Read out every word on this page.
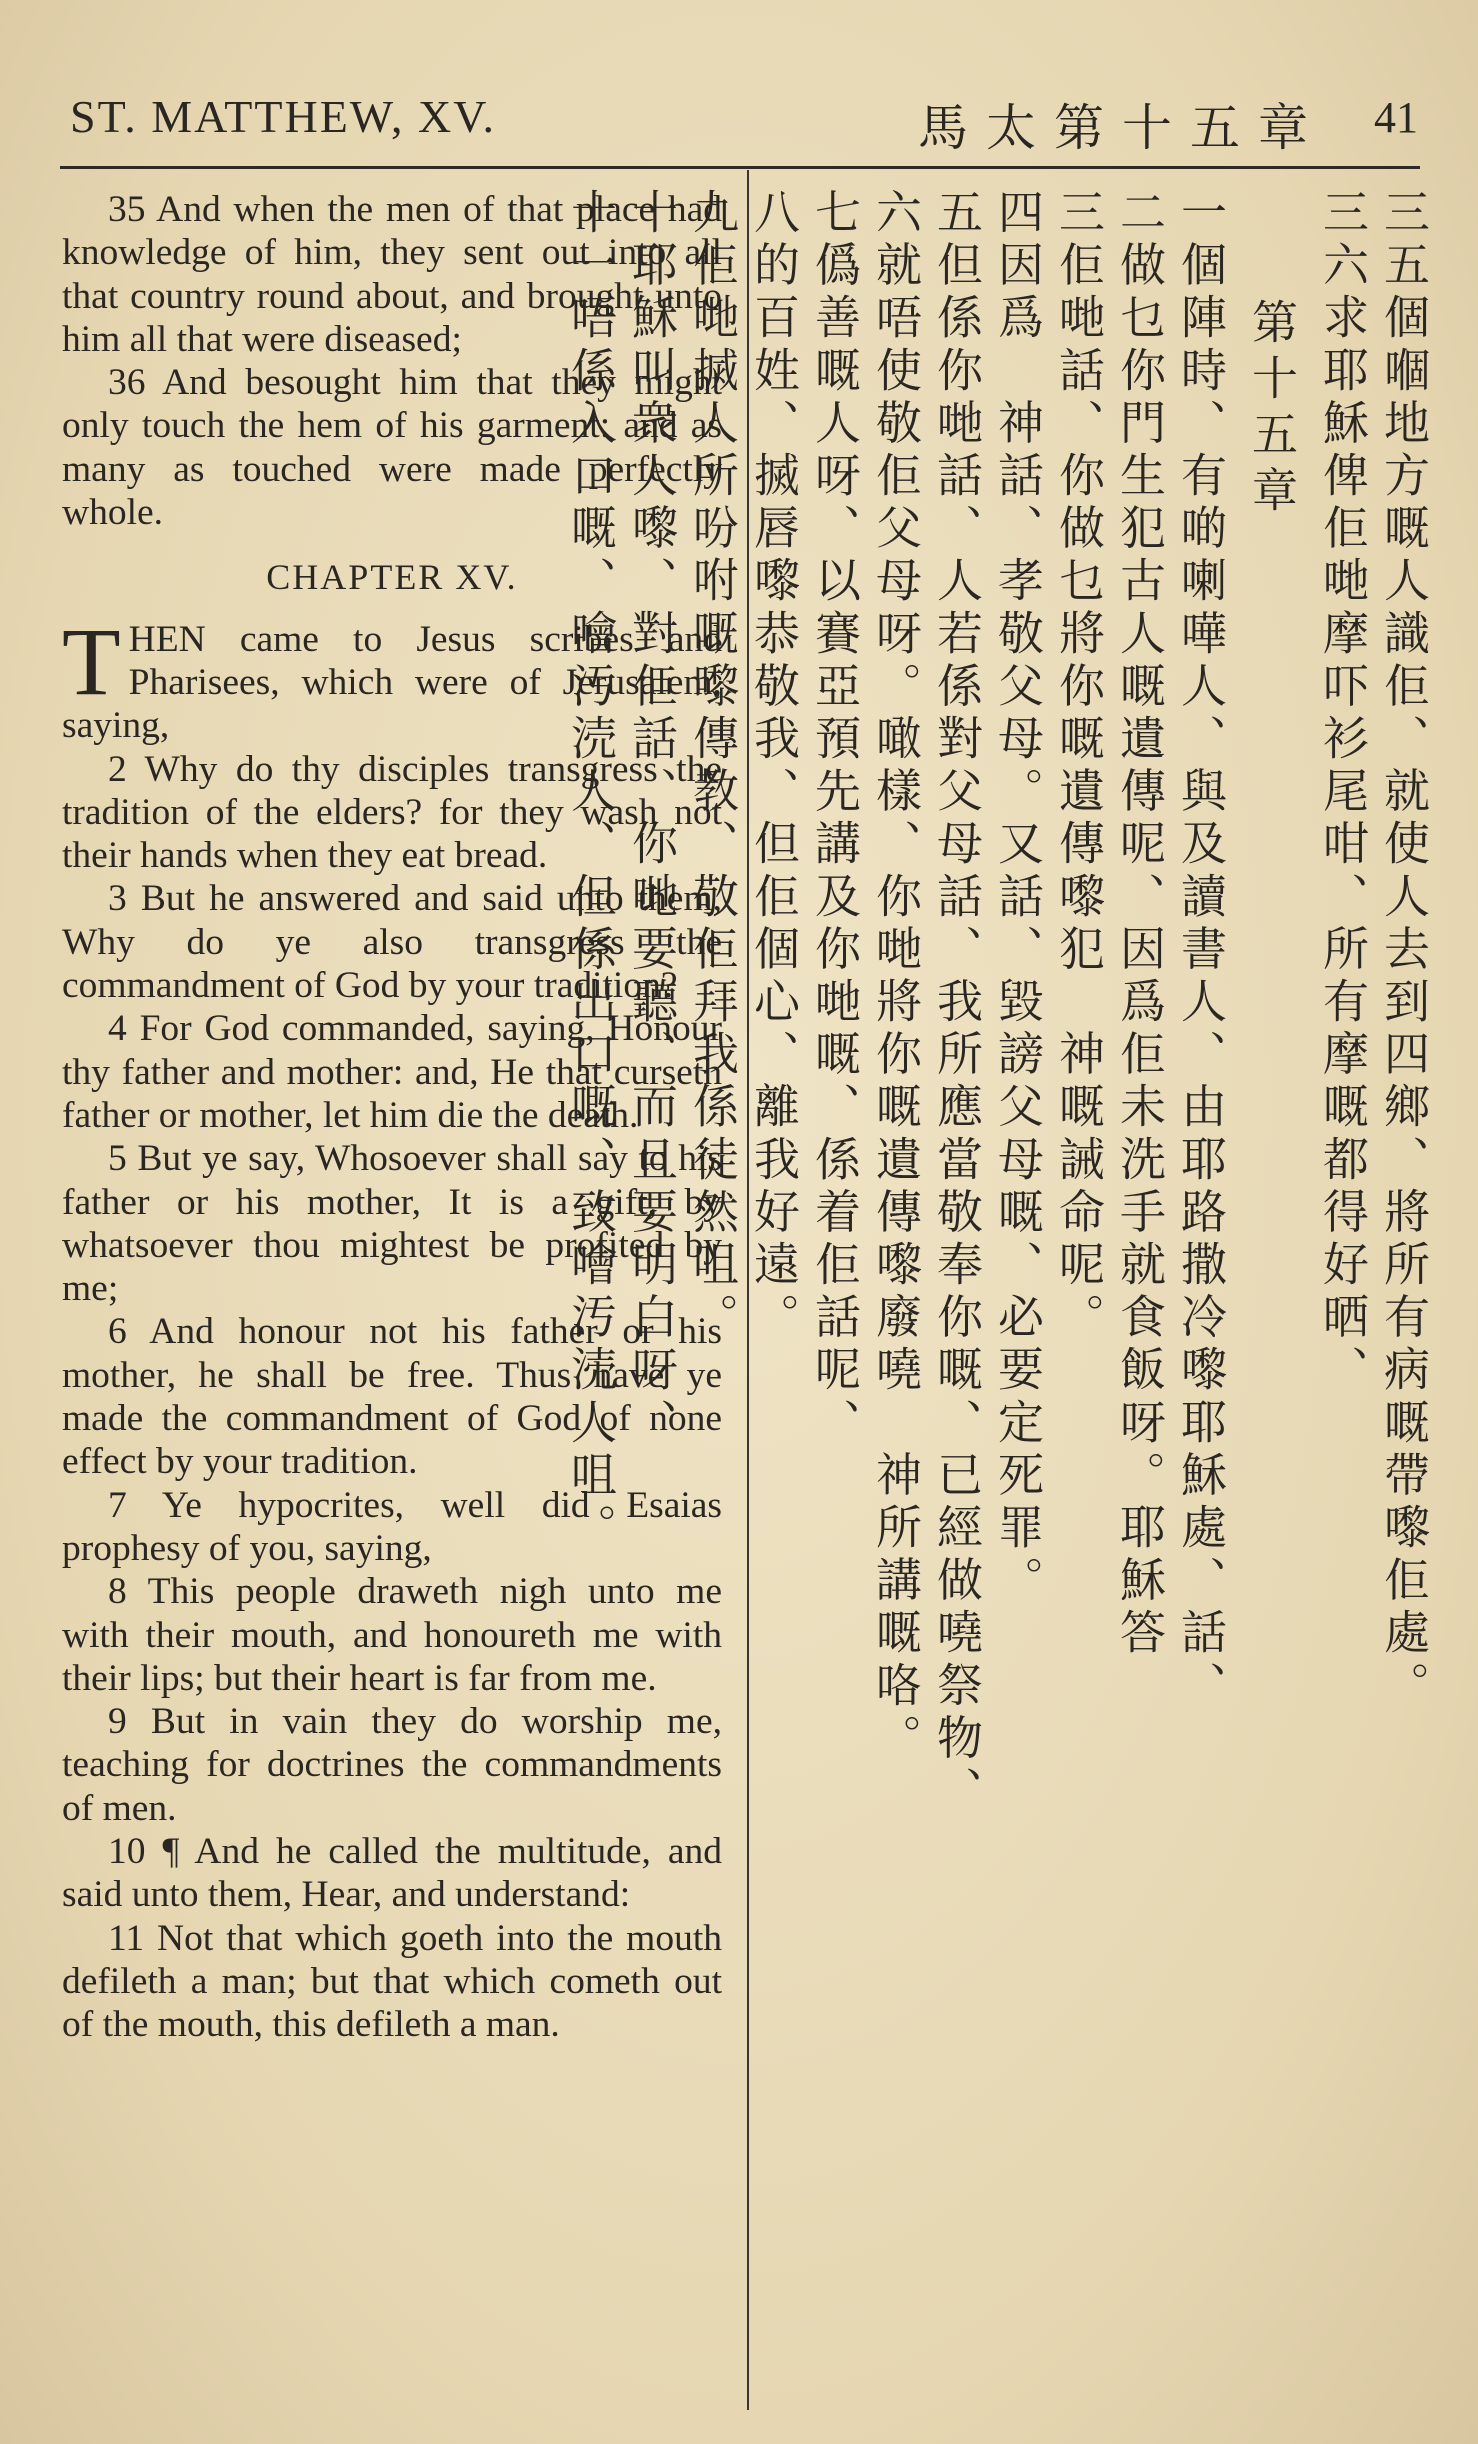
ST. MATTHEW, XV.	馬太第十五章 41

35 And when the men of that place had knowledge of him, they sent out into all that country round about, and brought unto him all that were diseased;

36 And besought him that they might only touch the hem of his garment: and as many as touched were made perfectly whole.

CHAPTER XV.

THEN came to Jesus scribes and Pharisees, which were of Jerusalem, saying,

2 Why do thy disciples transgress the tradition of the elders? for they wash not their hands when they eat bread.

3 But he answered and said unto them, Why do ye also transgress the commandment of God by your tradition?

4 For God commanded, saying, Honour thy father and mother: and, He that curseth father or mother, let him die the death.

5 But ye say, Whosoever shall say to his father or his mother, It is a gift, by whatsoever thou mightest be profited by me;

6 And honour not his father or his mother, he shall be free. Thus have ye made the commandment of God of none effect by your tradition.

7 Ye hypocrites, well did Esaias prophesy of you, saying,

8 This people draweth nigh unto me with their mouth, and honoureth me with their lips; but their heart is far from me.

9 But in vain they do worship me, teaching for doctrines the commandments of men.

10 ¶ And he called the multitude, and said unto them, Hear, and understand:

11 Not that which goeth into the mouth defileth a man; but that which cometh out of the mouth, this defileth a man.

三五個嗰地方嘅人識佢、就使人去到四鄉、將所有病嘅帶嚟佢處。
三六求耶穌俾佢哋摩吓衫尾咁、所有摩嘅都得好晒、
第十五章
一個陣時、有啲喇嘩人、與及讀書人、由耶路撒冷嚟耶穌處、話、
二做乜你門生犯古人嘅遺傳呢、因爲佢未洗手就食飯呀。耶穌答
三佢哋話、你做乜將你嘅遺傳嚟犯　神嘅誡命呢。
四因爲　神話、孝敬父母。又話、毀謗父母嘅、必要定死罪。
五但係你哋話、人若係對父母話、我所應當敬奉你嘅、已經做嘵祭物、
六就唔使敬佢父母呀。噉樣、你哋將你嘅遺傳嚟廢嘵　神所講嘅咯。
七僞善嘅人呀、以賽亞預先講及你哋嘅、係着佢話呢、
八的百姓、搣唇嚟恭敬我、但佢個心、離我好遠。
九佢哋搣人所吩咐嘅嚟傳教、敬佢拜我係徒然咀。
十耶穌叫衆人嚟、對佢話、你哋要聽、而且要明白呀、
十一唔係入口嘅、噲汚涜人、但係出口嘅、致噲汚涜人咀。
